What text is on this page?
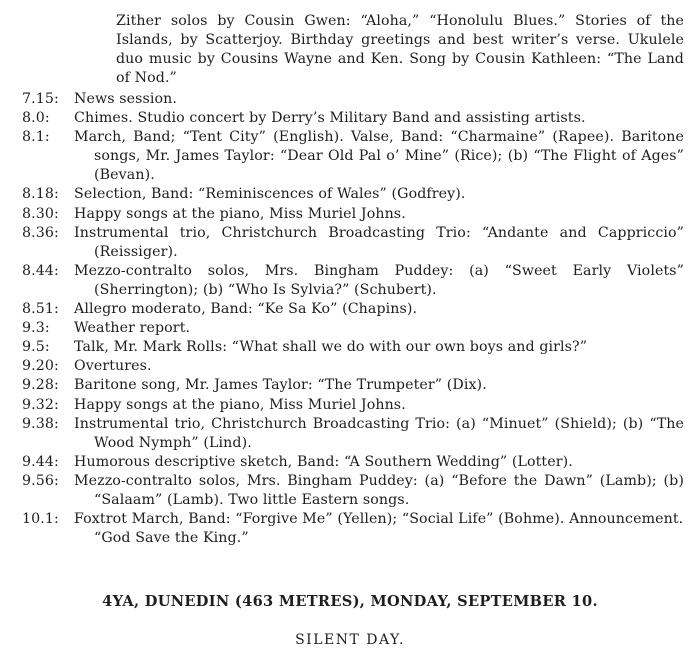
Zither solos by Cousin Gwen: “Aloha,” “Honolulu Blues.” Stories of the Islands, by Scatterjoy. Birthday greetings and best writer’s verse. Ukulele duo music by Cousins Wayne and Ken. Song by Cousin Kathleen: “The Land of Nod.”
7.15:	News session.
8.0:	Chimes. Studio concert by Derry’s Military Band and assisting artists.
8.1:	March, Band; “Tent City” (English). Valse, Band: “Charmaine” (Rapee). Baritone songs, Mr. James Taylor: “Dear Old Pal o’ Mine” (Rice); (b) “The Flight of Ages” (Bevan).
8.18:	Selection, Band: “Reminiscences of Wales” (Godfrey).
8.30:	Happy songs at the piano, Miss Muriel Johns.
8.36:	Instrumental trio, Christchurch Broadcasting Trio: “Andante and Cappriccio” (Reissiger).
8.44:	Mezzo-contralto solos, Mrs. Bingham Puddey: (a) “Sweet Early Violets” (Sherrington); (b) “Who Is Sylvia?” (Schubert).
8.51:	Allegro moderato, Band: “Ke Sa Ko” (Chapins).
9.3:	Weather report.
9.5:	Talk, Mr. Mark Rolls: “What shall we do with our own boys and girls?”
9.20:	Overtures.
9.28:	Baritone song, Mr. James Taylor: “The Trumpeter” (Dix).
9.32:	Happy songs at the piano, Miss Muriel Johns.
9.38:	Instrumental trio, Christchurch Broadcasting Trio: (a) “Minuet” (Shield); (b) “The Wood Nymph” (Lind).
9.44:	Humorous descriptive sketch, Band: “A Southern Wedding” (Lotter).
9.56:	Mezzo-contralto solos, Mrs. Bingham Puddey: (a) “Before the Dawn” (Lamb); (b) “Salaam” (Lamb). Two little Eastern songs.
10.1:	Foxtrot March, Band: “Forgive Me” (Yellen); “Social Life” (Bohme). Announcement.
“God Save the King.”
4YA, DUNEDIN (463 METRES), MONDAY, SEPTEMBER 10.
SILENT DAY.
